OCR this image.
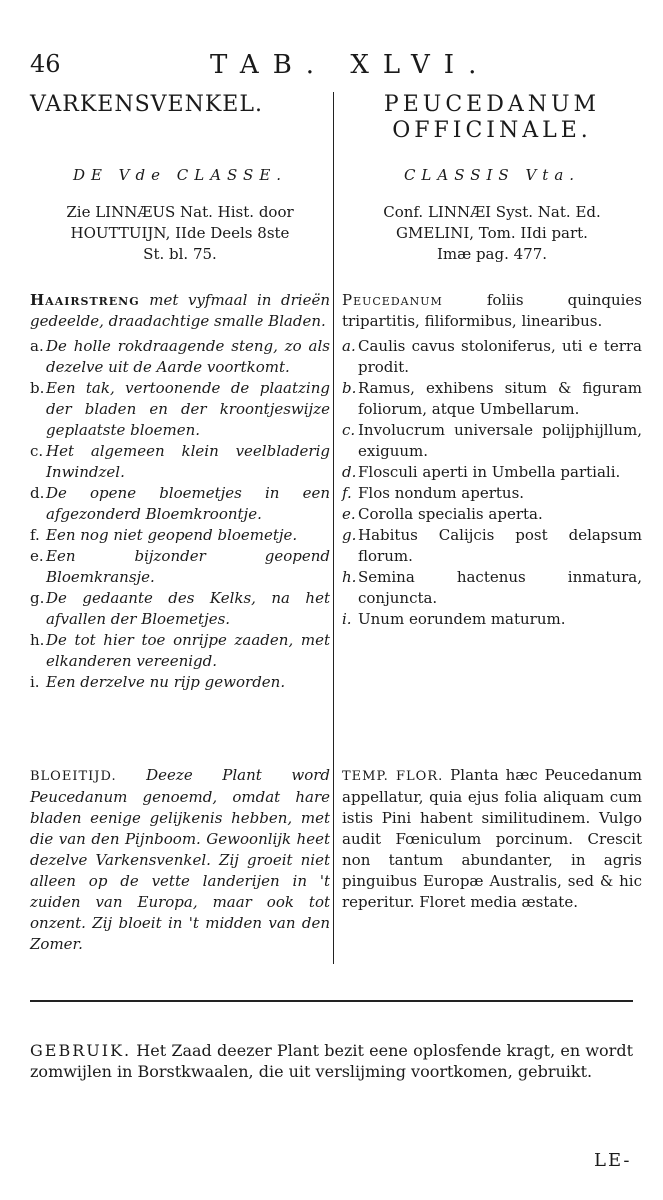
46	TAB. XLVI.
VARKENSVENKEL.
DE Vde CLASSE.
Zie LINNÆUS Nat. Hist. door
HOUTTUIJN, IIde Deels 8ste
St. bl. 75.
Haairstreng met vyfmaal in drieën gedeelde, draadachtige smalle Bladen.
a. De holle rokdraagende steng, zo als dezelve uit de Aarde voortkomt.
b. Een tak, vertoonende de plaatzing der bladen en der kroontjeswijze geplaatste bloemen.
c. Het algemeen klein veelbladerig Inwindzel.
d. De opene bloemetjes in een afgezonderd Bloemkroontje.
f. Een nog niet geopend bloemetje.
e. Een bijzonder geopend Bloemkransje.
g. De gedaante des Kelks, na het afvallen der Bloemetjes.
h. De tot hier toe onrijpe zaaden, met elkanderen vereenigd.
i. Een derzelve nu rijp geworden.
BLOEITIJD. Deeze Plant word Peucedanum genoemd, omdat hare bladen eenige gelijkenis hebben, met die van den Pijnboom. Gewoonlijk heet dezelve Varkensvenkel. Zij groeit niet alleen op de vette landerijen in 't zuiden van Europa, maar ook tot onzent. Zij bloeit in 't midden van den Zomer.
PEUCEDANUM
OFFICINALE.
CLASSIS Vta.
Conf. LINNÆI Syst. Nat. Ed.
GMELINI, Tom. IIdi part.
Imæ pag. 477.
Peucedanum foliis quinquies tripartitis, filiformibus, linearibus.
a. Caulis cavus stoloniferus, uti e terra prodit.
b. Ramus, exhibens situm & figuram foliorum, atque Umbellarum.
c. Involucrum universale polijphijllum, exiguum.
d. Flosculi aperti in Umbella partiali.
f. Flos nondum apertus.
e. Corolla specialis aperta.
g. Habitus Calijcis post delapsum florum.
h. Semina hactenus inmatura, conjuncta.
i. Unum eorundem maturum.
TEMP. FLOR. Planta hæc Peucedanum appellatur, quia ejus folia aliquam cum istis Pini habent similitudinem. Vulgo audit Fœniculum porcinum. Crescit non tantum abundanter, in agris pinguibus Europæ Australis, sed & hic reperitur. Floret media æstate.
GEBRUIK. Het Zaad deezer Plant bezit eene oplosfende kragt, en wordt zomwijlen in Borstkwaalen, die uit verslijming voortkomen, gebruikt.
LE-
